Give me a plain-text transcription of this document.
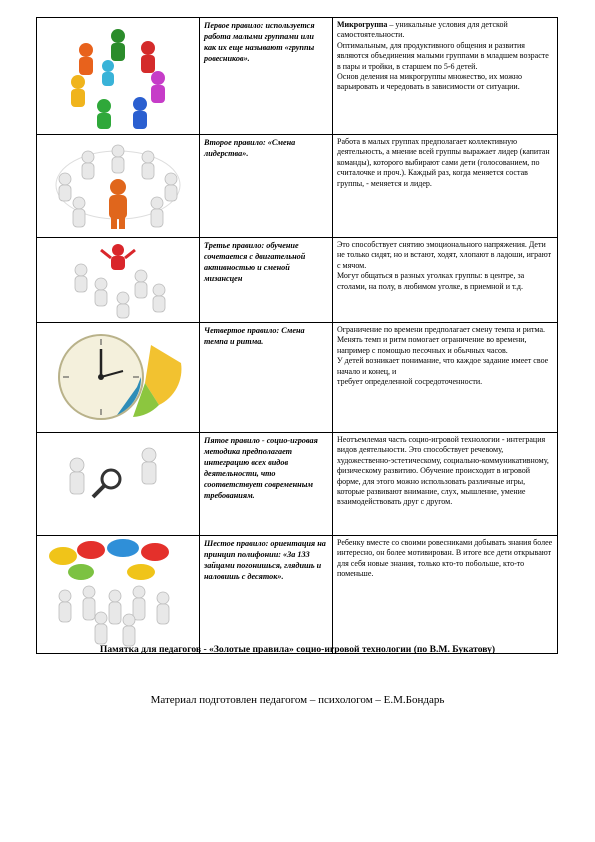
	Первое правило: используется работа малыми группами или как их еще называют «группы ровесников».	Микрогруппа – уникальные условия для детской самостоятельности.

Оптимальным, для продуктивного общения и развития являются объединения малыми группами в младшем возрасте в пары и тройки, в старшем по 5-6 детей.

Основ деления на микрогруппы множество, их можно варьировать и чередовать в зависимости от ситуации.

	Второе правило: «Смена лидерства».	Работа в малых группах предполагает коллективную деятельность, а мнение всей группы выражает лидер (капитан команды), которого выбирают сами дети (голосованием, по считалочке и проч.). Каждый раз, когда меняется состав группы, - меняется и лидер.

	Третье правило: обучение сочетается с двигательной активностью и сменой мизансцен	Это способствует снятию эмоционального напряжения. Дети не только сидят, но и встают, ходят, хлопают в ладоши, играют с мячом.

Могут общаться в разных уголках группы: в центре, за столами, на полу, в любимом уголке, в приемной и т.д.

	Четвертое правило: Смена темпа и ритма.	Ограничение по времени предполагает смену темпа и ритма.

Менять темп и ритм помогает ограничение во времени, например с помощью песочных и обычных часов.

У детей возникает понимание, что каждое задание имеет свое начало и конец, и

требует определенной сосредоточенности.

	Пятое правило - социо-игровая методика предполагает интеграцию всех видов деятельности, что соответствует современным требованиям.	Неотъемлемая часть социо-игровой технологии - интеграция видов деятельности. Это способствует речевому, художественно-эстетическому, социально-коммуникативному, физическому развитию. Обучение происходит в игровой форме, для этого можно использовать различные игры, которые развивают внимание, слух, мышление, умение взаимодействовать друг с другом.

	Шестое правило: ориентация на принцип полифонии: «За 133 зайцами погонишься, глядишь и наловишь с десяток».	Ребенку вместе со своими ровесниками добывать знания более интересно, он более мотивирован. В итоге все дети открывают для себя новые знания, только кто-то побольше, кто-то поменьше.

Памятка для педагогов - «Золотые правила» социо-игровой технологии (по В.М. Букатову)
Материал подготовлен педагогом – психологом – Е.М.Бондарь
